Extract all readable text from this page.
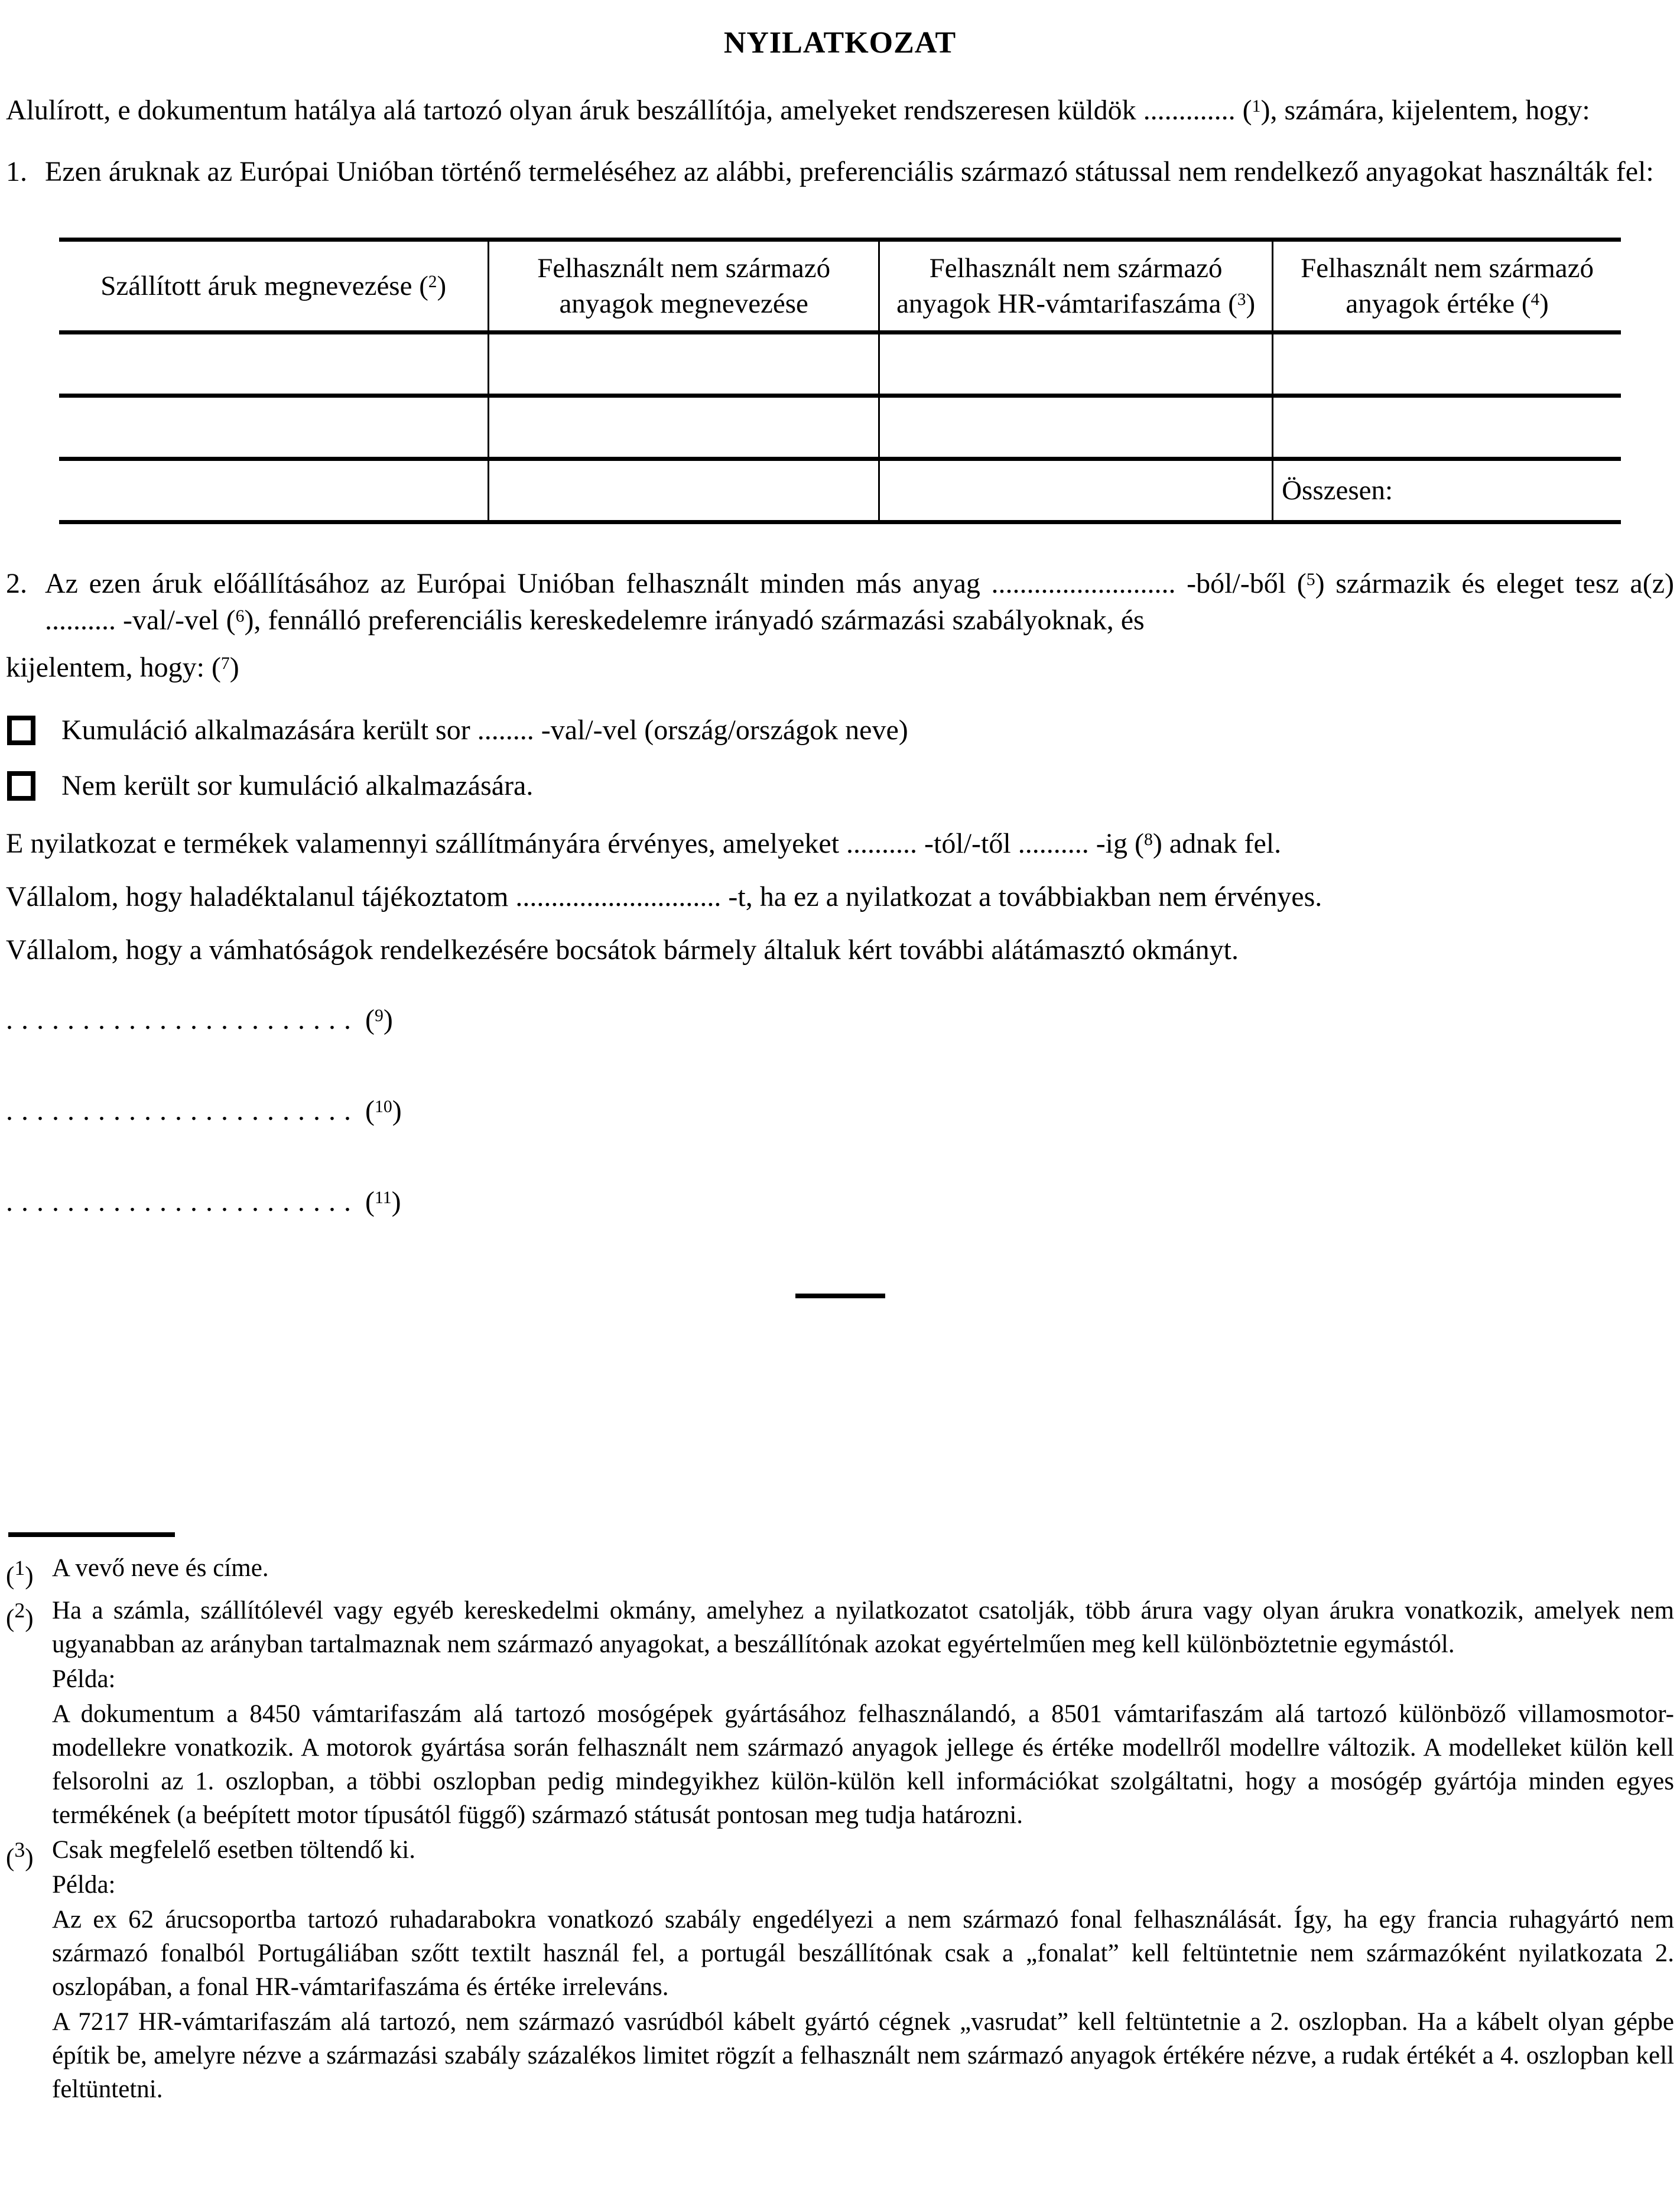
NYILATKOZAT

Alulírott, e dokumentum hatálya alá tartozó olyan áruk beszállítója, amelyeket rendszeresen küldök ............. ($^1$), számára, kijelentem, hogy:

1. Ezen áruknak az Európai Unióban történő termeléséhez az alábbi, preferenciális származó státussal nem rendelkező anyagokat használták fel:

Szállított áruk megnevezése ($^2$)	Felhasznált nem származó anyagok megnevezése	Felhasznált nem származó anyagok HR-vámtarifaszáma ($^3$)	Felhasznált nem származó anyagok értéke ($^4$)

			Összesen:
2. Az ezen áruk előállításához az Európai Unióban felhasznált minden más anyag .......................... -ból/-ből ($^5$) származik és eleget tesz a(z) .......... -val/-vel ($^6$), fennálló preferenciális kereskedelemre irányadó származási szabályoknak, és

kijelentem, hogy: ($^7$)

Kumuláció alkalmazására került sor ........ -val/-vel (ország/országok neve)
Nem került sor kumuláció alkalmazására.

E nyilatkozat e termékek valamennyi szállítmányára érvényes, amelyeket .......... -tól/-től .......... -ig ($^8$) adnak fel.

Vállalom, hogy haladéktalanul tájékoztatom ............................. -t, ha ez a nyilatkozat a továbbiakban nem érvényes.

Vállalom, hogy a vámhatóságok rendelkezésére bocsátok bármely általuk kért további alátámasztó okmányt.

....................... ($^9$)
....................... ($^{10}$)
....................... ($^{11}$)
($^1$) A vevő neve és címe.

($^2$) Ha a számla, szállítólevél vagy egyéb kereskedelmi okmány, amelyhez a nyilatkozatot csatolják, több árura vagy olyan árukra vonatkozik, amelyek nem ugyanabban az arányban tartalmaznak nem származó anyagokat, a beszállítónak azokat egyértelműen meg kell különböztetnie egymástól.

Példa:

A dokumentum a 8450 vámtarifaszám alá tartozó mosógépek gyártásához felhasználandó, a 8501 vámtarifaszám alá tartozó különböző villamosmotor-modellekre vonatkozik. A motorok gyártása során felhasznált nem származó anyagok jellege és értéke modellről modellre változik. A modelleket külön kell felsorolni az 1. oszlopban, a többi oszlopban pedig mindegyikhez külön-külön kell információkat szolgáltatni, hogy a mosógép gyártója minden egyes termékének (a beépített motor típusától függő) származó státusát pontosan meg tudja határozni.

($^3$) Csak megfelelő esetben töltendő ki.

Példa:

Az ex 62 árucsoportba tartozó ruhadarabokra vonatkozó szabály engedélyezi a nem származó fonal felhasználását. Így, ha egy francia ruhagyártó nem származó fonalból Portugáliában szőtt textilt használ fel, a portugál beszállítónak csak a „fonalat” kell feltüntetnie nem származóként nyilatkozata 2. oszlopában, a fonal HR-vámtarifaszáma és értéke irreleváns.

A 7217 HR-vámtarifaszám alá tartozó, nem származó vasrúdból kábelt gyártó cégnek „vasrudat” kell feltüntetnie a 2. oszlopban. Ha a kábelt olyan gépbe építik be, amelyre nézve a származási szabály százalékos limitet rögzít a felhasznált nem származó anyagok értékére nézve, a rudak értékét a 4. oszlopban kell feltüntetni.
